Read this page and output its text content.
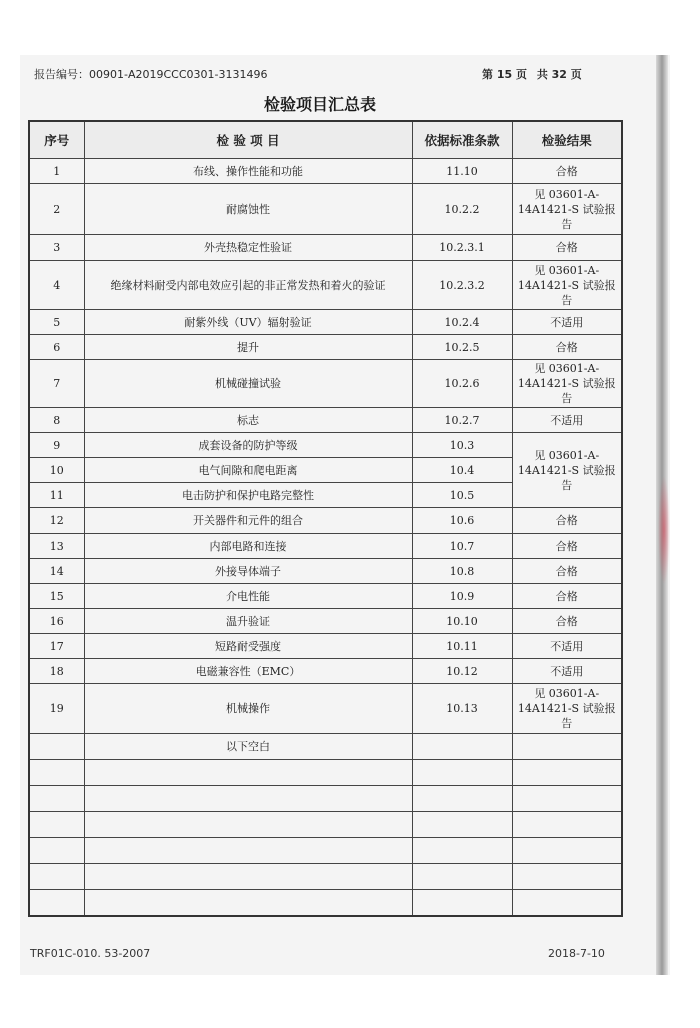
报告编号：00901-A2019CCC0301-3131496	第 15 页 共 32 页
检验项目汇总表
序号	检 验 项 目	依据标准条款	检验结果
1	布线、操作性能和功能	11.10	合格
2	耐腐蚀性	10.2.2	见 03601-A-14A1421-S 试验报告
3	外壳热稳定性验证	10.2.3.1	合格
4	绝缘材料耐受内部电效应引起的非正常发热和着火的验证	10.2.3.2	见 03601-A-14A1421-S 试验报告
5	耐紫外线（UV）辐射验证	10.2.4	不适用
6	提升	10.2.5	合格
7	机械碰撞试验	10.2.6	见 03601-A-14A1421-S 试验报告
8	标志	10.2.7	不适用
9	成套设备的防护等级	10.3	见 03601-A-14A1421-S 试验报告
10	电气间隙和爬电距离	10.4	
11	电击防护和保护电路完整性	10.5	
12	开关器件和元件的组合	10.6	合格
13	内部电路和连接	10.7	合格
14	外接导体端子	10.8	合格
15	介电性能	10.9	合格
16	温升验证	10.10	合格
17	短路耐受强度	10.11	不适用
18	电磁兼容性（EMC）	10.12	不适用
19	机械操作	10.13	见 03601-A-14A1421-S 试验报告
	以下空白		

TRF01C-010. 53-2007	2018-7-10
